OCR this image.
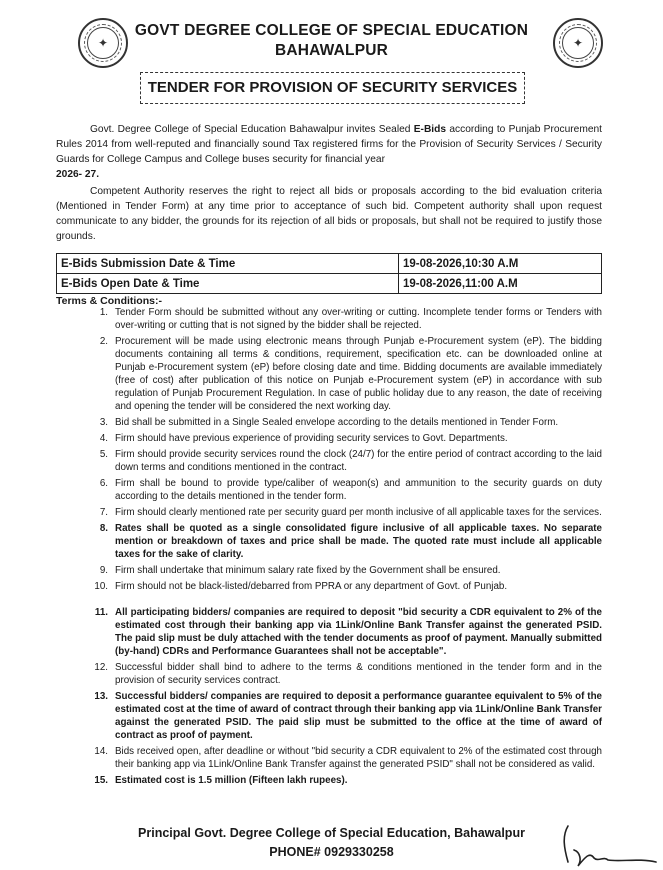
✦	✦
GOVT DEGREE COLLEGE OF SPECIAL EDUCATION
BAHAWALPUR
TENDER FOR PROVISION OF SECURITY SERVICES

Govt. Degree College of Special Education Bahawalpur invites Sealed E-Bids according to Punjab Procurement Rules 2014 from well-reputed and financially sound Tax registered firms for the Provision of Security Services / Security Guards for College Campus and College buses security for financial year

2026- 27.

Competent Authority reserves the right to reject all bids or proposals according to the bid evaluation criteria (Mentioned in Tender Form) at any time prior to acceptance of such bid. Competent authority shall upon request communicate to any bidder, the grounds for its rejection of all bids or proposals, but shall not be required to justify those grounds.

E-Bids Submission Date & Time	19-08-2026,10:30 A.M
E-Bids Open Date & Time	19-08-2026,11:00 A.M
Terms & Conditions:-
1. Tender Form should be submitted without any over-writing or cutting. Incomplete tender forms or Tenders with over-writing or cutting that is not signed by the bidder shall be rejected.
2. Procurement will be made using electronic means through Punjab e-Procurement system (eP). The bidding documents containing all terms & conditions, requirement, specification etc. can be downloaded online at Punjab e-Procurement system (eP) before closing date and time. Bidding documents are available immediately (free of cost) after publication of this notice on Punjab e-Procurement system (eP) in accordance with sub regulation of Punjab Procurement Regulation. In case of public holiday due to any reason, the date of receiving and opening the tender will be considered the next working day.
3. Bid shall be submitted in a Single Sealed envelope according to the details mentioned in Tender Form.
4. Firm should have previous experience of providing security services to Govt. Departments.
5. Firm should provide security services round the clock (24/7) for the entire period of contract according to the laid down terms and conditions mentioned in the contract.
6. Firm shall be bound to provide type/caliber of weapon(s) and ammunition to the security guards on duty according to the details mentioned in the tender form.
7. Firm should clearly mentioned rate per security guard per month inclusive of all applicable taxes for the services.
8. Rates shall be quoted as a single consolidated figure inclusive of all applicable taxes. No separate mention or breakdown of taxes and price shall be made. The quoted rate must include all applicable taxes for the sake of clarity.
9. Firm shall undertake that minimum salary rate fixed by the Government shall be ensured.
10. Firm should not be black-listed/debarred from PPRA or any department of Govt. of Punjab.
11. All participating bidders/ companies are required to deposit "bid security a CDR equivalent to 2% of the estimated cost through their banking app via 1Link/Online Bank Transfer against the generated PSID. The paid slip must be duly attached with the tender documents as proof of payment. Manually submitted (by-hand) CDRs and Performance Guarantees shall not be acceptable".
12. Successful bidder shall bind to adhere to the terms & conditions mentioned in the tender form and in the provision of security services contract.
13. Successful bidders/ companies are required to deposit a performance guarantee equivalent to 5% of the estimated cost at the time of award of contract through their banking app via 1Link/Online Bank Transfer against the generated PSID. The paid slip must be submitted to the office at the time of award of contract as proof of payment.
14. Bids received open, after deadline or without "bid security a CDR equivalent to 2% of the estimated cost through their banking app via 1Link/Online Bank Transfer against the generated PSID" shall not be considered as valid.
15. Estimated cost is 1.5 million (Fifteen lakh rupees).
Principal Govt. Degree College of Special Education, Bahawalpur
PHONE# 0929330258
